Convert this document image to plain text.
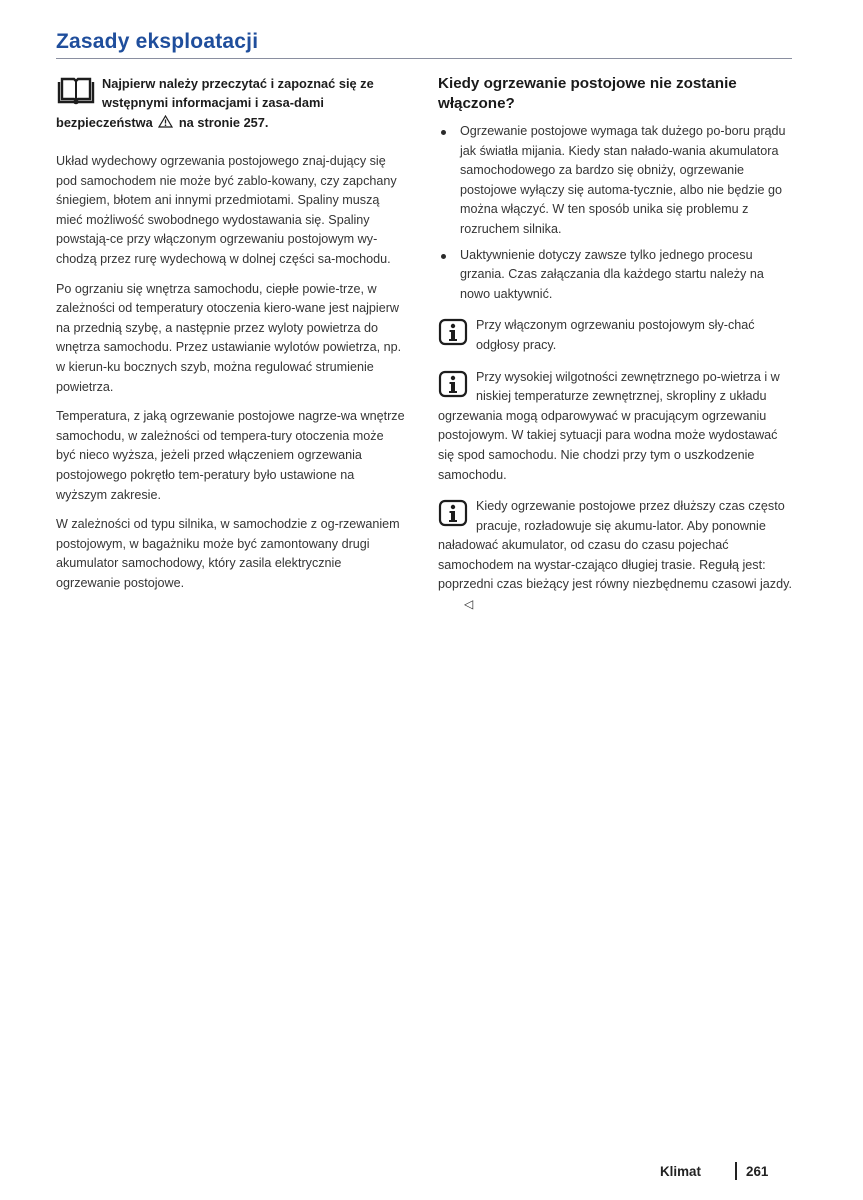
Zasady eksploatacji
Najpierw należy przeczytać i zapoznać się ze wstępnymi informacjami i zasa-dami bezpieczeństwa na stronie 257.

Układ wydechowy ogrzewania postojowego znaj-dujący się pod samochodem nie może być zablo-kowany, czy zapchany śniegiem, błotem ani innymi przedmiotami. Spaliny muszą mieć możliwość swobodnego wydostawania się. Spaliny powstają-ce przy włączonym ogrzewaniu postojowym wy-chodzą przez rurę wydechową w dolnej części sa-mochodu.

Po ogrzaniu się wnętrza samochodu, ciepłe powie-trze, w zależności od temperatury otoczenia kiero-wane jest najpierw na przednią szybę, a następnie przez wyloty powietrza do wnętrza samochodu. Przez ustawianie wylotów powietrza, np. w kierun-ku bocznych szyb, można regulować strumienie powietrza.

Temperatura, z jaką ogrzewanie postojowe nagrze-wa wnętrze samochodu, w zależności od tempera-tury otoczenia może być nieco wyższa, jeżeli przed włączeniem ogrzewania postojowego pokrętło tem-peratury było ustawione na wyższym zakresie.

W zależności od typu silnika, w samochodzie z og-rzewaniem postojowym, w bagażniku może być zamontowany drugi akumulator samochodowy, który zasila elektrycznie ogrzewanie postojowe.

Kiedy ogrzewanie postojowe nie zostanie włączone?
Ogrzewanie postojowe wymaga tak dużego po-boru prądu jak światła mijania. Kiedy stan nałado-wania akumulatora samochodowego za bardzo się obniży, ogrzewanie postojowe wyłączy się automa-tycznie, albo nie będzie go można włączyć. W ten sposób unika się problemu z rozruchem silnika.
Uaktywnienie dotyczy zawsze tylko jednego procesu grzania. Czas załączania dla każdego startu należy na nowo uaktywnić.
Przy włączonym ogrzewaniu postojowym sły-chać odgłosy pracy.
Przy wysokiej wilgotności zewnętrznego po-wietrza i w niskiej temperaturze zewnętrznej, skropliny z układu ogrzewania mogą odparowywać w pracującym ogrzewaniu postojowym. W takiej sytuacji para wodna może wydostawać się spod samochodu. Nie chodzi przy tym o uszkodzenie samochodu.
Kiedy ogrzewanie postojowe przez dłuższy czas często pracuje, rozładowuje się akumu-lator. Aby ponownie naładować akumulator, od czasu do czasu pojechać samochodem na wystar-czająco długiej trasie. Regułą jest: poprzedni czas bieżący jest równy niezbędnemu czasowi jazdy. ◁
Klimat	261
